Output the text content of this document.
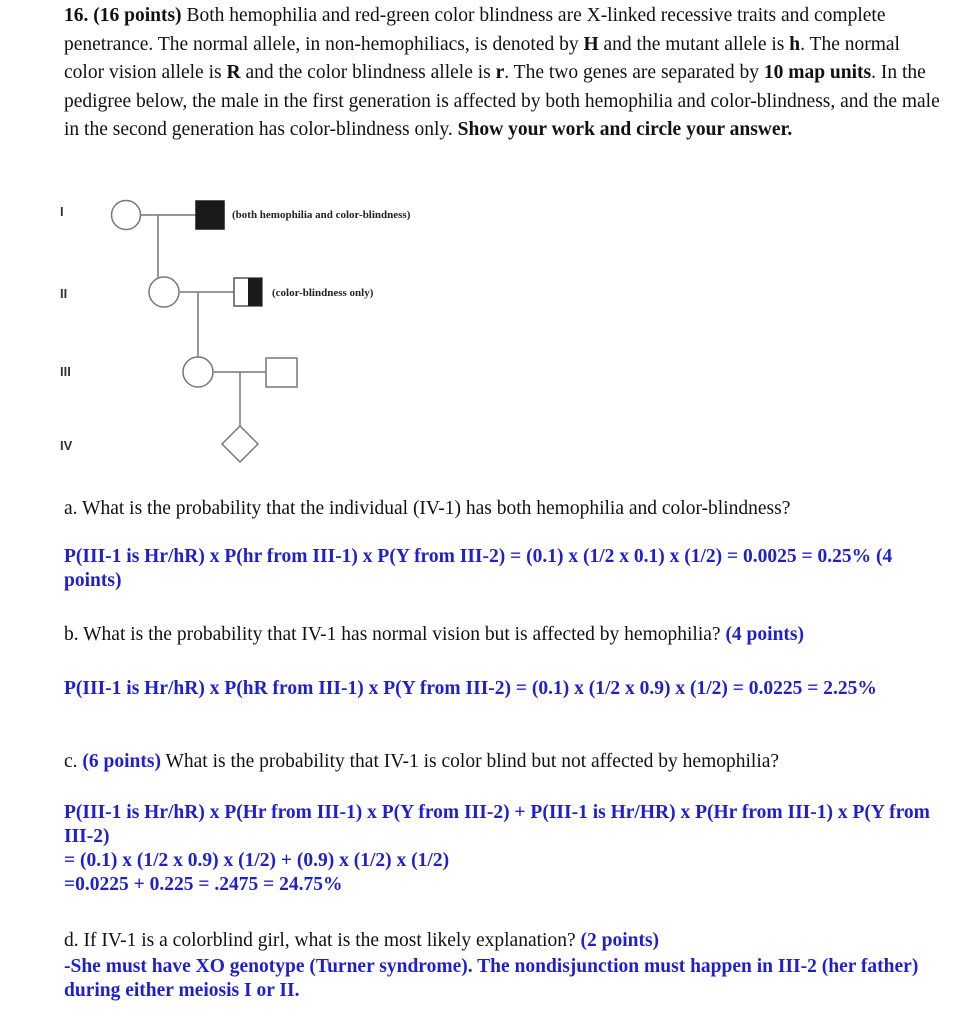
16. (16 points) Both hemophilia and red-green color blindness are X-linked recessive traits and complete penetrance. The normal allele, in non-hemophiliacs, is denoted by H and the mutant allele is h. The normal color vision allele is R and the color blindness allele is r. The two genes are separated by 10 map units. In the pedigree below, the male in the first generation is affected by both hemophilia and color-blindness, and the male in the second generation has color-blindness only. Show your work and circle your answer.

I
II
III
IV
(both hemophilia and color-blindness)
(color-blindness only)

a. What is the probability that the individual (IV-1) has both hemophilia and color-blindness?

P(III-1 is Hr/hR) x P(hr from III-1) x P(Y from III-2) = (0.1) x (1/2 x 0.1) x (1/2) = 0.0025 = 0.25% (4 points)

b. What is the probability that IV-1 has normal vision but is affected by hemophilia? (4 points)

P(III-1 is Hr/hR) x P(hR from III-1) x P(Y from III-2) = (0.1) x (1/2 x 0.9) x (1/2) = 0.0225 = 2.25%

c. (6 points) What is the probability that IV-1 is color blind but not affected by hemophilia?

P(III-1 is Hr/hR) x P(Hr from III-1) x P(Y from III-2) + P(III-1 is Hr/HR) x P(Hr from III-1) x P(Y from III-2)
= (0.1) x (1/2 x 0.9) x (1/2) + (0.9) x (1/2) x (1/2)
=0.0225 + 0.225 = .2475 = 24.75%

d. If IV-1 is a colorblind girl, what is the most likely explanation? (2 points)

-She must have XO genotype (Turner syndrome). The nondisjunction must happen in III-2 (her father) during either meiosis I or II.
